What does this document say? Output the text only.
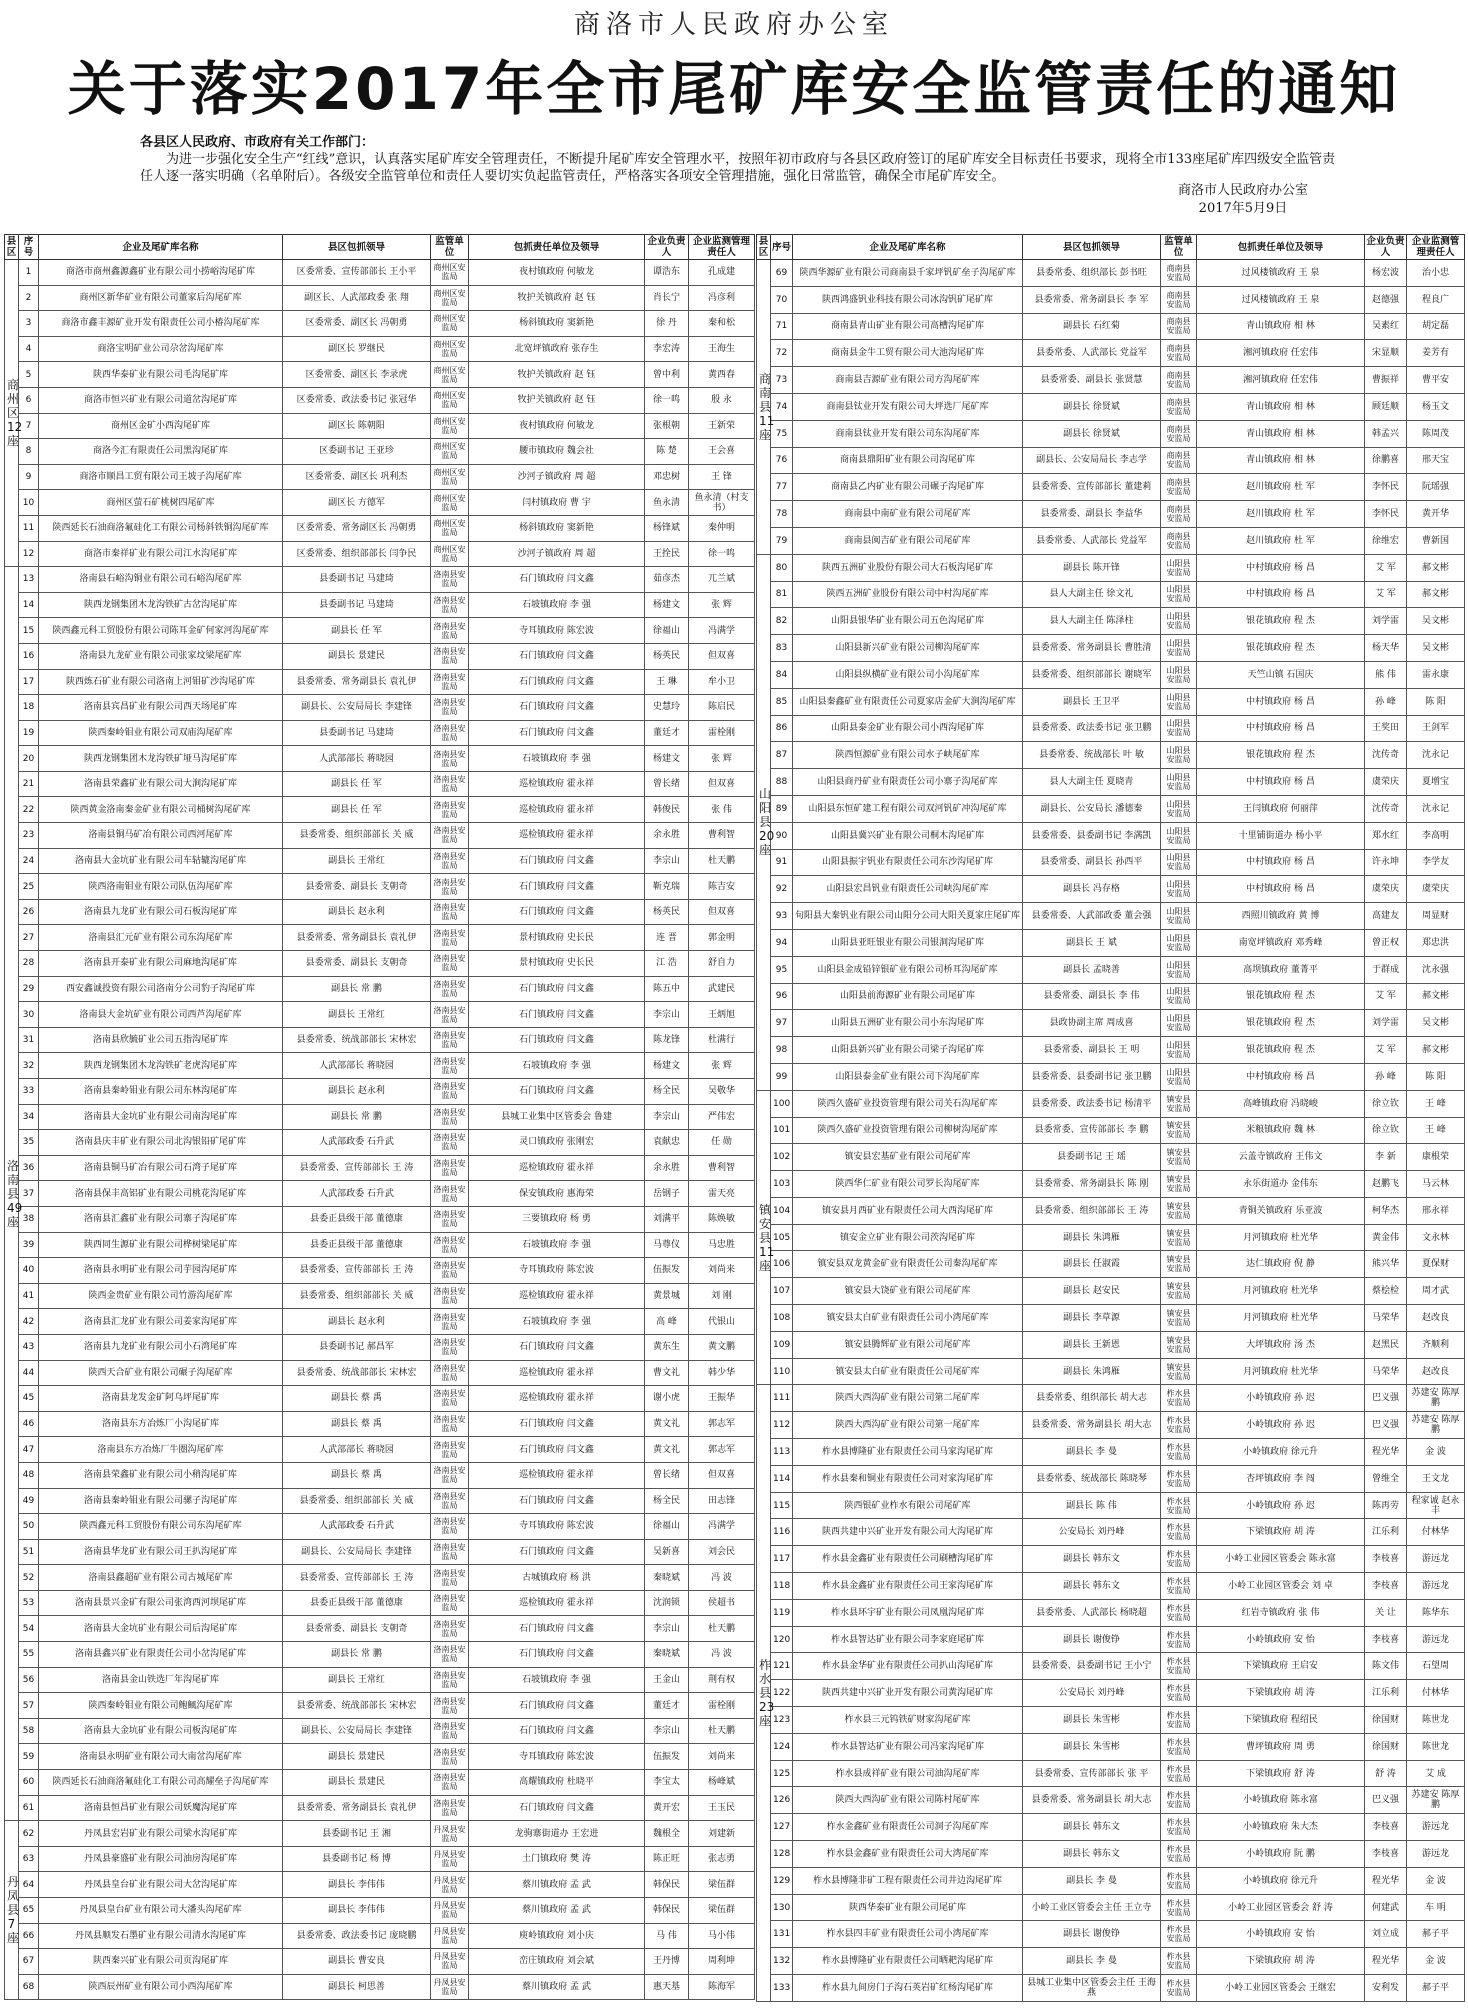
商洛市人民政府办公室
关于落实2017年全市尾矿库安全监管责任的通知
各县区人民政府、市政府有关工作部门：
为进一步强化安全生产“红线”意识，认真落实尾矿库安全管理责任，不断提升尾矿库安全管理水平，按照年初市政府与各县区政府签订的尾矿库安全目标责任书要求，现将全市133座尾矿库四级安全监管责任人逐一落实明确（名单附后）。各级安全监管单位和责任人要切实负起监管责任，严格落实各项安全管理措施，强化日常监管，确保全市尾矿库安全。
商洛市人民政府办公室
2017年5月9日
县区	序号	企业及尾矿库名称	县区包抓领导	监管单位	包抓责任单位及领导	企业负责人	企业监测管理责任人
商州区12座	1	商洛市商州鑫源鑫矿业有限公司小捞峪沟尾矿库	区委常委、宣传部部长 王小平	商州区安监局	夜村镇政府 何敏龙	谭浩东	孔成建
	2	商州区新华矿业有限公司董家后沟尾矿库	副区长、人武部政委 张 翔	商州区安监局	牧护关镇政府 赵 钰	肖长宁	冯彦利
	3	商洛市鑫丰源矿业开发有限责任公司小椿沟尾矿库	区委常委、副区长 冯朝勇	商州区安监局	杨斜镇政府 窦新艳	徐 丹	秦和松
	4	商洛宝明矿业公司尕岔沟尾矿库	副区长 罗继民	商州区安监局	北宽坪镇政府 张存生	李宏涛	王海生
	5	陕西华泰矿业有限公司毛沟尾矿库	区委常委、副区长 李录虎	商州区安监局	牧护关镇政府 赵 钰	曾中利	黄西春
	6	商洛市恒兴矿业有限公司道岔沟尾矿库	区委常委、政法委书记 张冠华	商州区安监局	牧护关镇政府 赵 钰	徐一鸣	殷 永
	7	商州区金矿小西沟尾矿库	副区长 陈朝阳	商州区安监局	夜村镇政府 何敏龙	张根朝	王新荣
	8	商洛今汇有限责任公司黑沟尾矿库	区委副书记 王亚珍	商州区安监局	腰市镇政府 魏会社	陈 楚	王会喜
	9	商洛市顺昌工贸有限公司王坡子沟尾矿库	区委常委、副区长 巩利杰	商州区安监局	沙河子镇政府 周 超	邓忠树	王 锋
	10	商州区萤石矿桃树四尾矿库	副区长 方德军	商州区安监局	闫村镇政府 曹 宇	鱼永清	鱼永清（村支书）
	11	陕西延长石油商洛氟硅化工有限公司杨斜铁铜沟尾矿库	区委常委、常务副区长 冯朝勇	商州区安监局	杨斜镇政府 窦新艳	杨锋斌	秦仲明
	12	商洛市秦祥矿业有限公司江水沟尾矿库	区委常委、组织部部长 闫争民	商州区安监局	沙河子镇政府 周 超	王拴民	徐一鸣
洛南县49座	13	洛南县石峪沟铜业有限公司石峪沟尾矿库	县委副书记 马建琦	洛南县安监局	石门镇政府 闫文鑫	茹彦杰	兀兰斌
	14	陕西龙钢集团木龙沟铁矿古岔沟尾矿库	县委副书记 马建琦	洛南县安监局	石坡镇政府 李 强	杨建文	张 辉
	15	陕西鑫元科工贸股份有限公司陈耳金矿何家河沟尾矿库	副县长 任 军	洛南县安监局	寺耳镇政府 陈宏波	徐福山	冯满学
	16	洛南县九龙矿业有限公司张家坟梁尾矿库	副县长 景建民	洛南县安监局	石门镇政府 闫文鑫	杨英民	但双喜
	17	陕西炼石矿业有限公司洛南上河钼矿沙沟尾矿库	县委常委、常务副县长 袁礼伊	洛南县安监局	石门镇政府 闫文鑫	王 琳	牟小卫
	18	洛南县宾昌矿业有限公司西天场尾矿库	副县长、公安局局长 李建锋	洛南县安监局	石门镇政府 闫文鑫	史慧玲	陈启民
	19	陕西秦岭钼业有限公司双庙沟尾矿库	县委副书记 马建琦	洛南县安监局	石门镇政府 闫文鑫	董廷才	雷栓刚
	20	陕西龙钢集团木龙沟铁矿垭马沟尾矿库	人武部部长 蒋晓园	洛南县安监局	石坡镇政府 李 强	杨建文	张 辉
	21	洛南县荣鑫矿业有限公司大涧沟尾矿库	副县长 任 军	洛南县安监局	巡检镇政府 霍永祥	曾长绪	但双喜
	22	陕西黄金洛南秦金矿业有限公司桶树沟尾矿库	副县长 任 军	洛南县安监局	巡检镇政府 霍永祥	韩俊民	张 伟
	23	洛南县铜马矿冶有限公司西河尾矿库	县委常委、组织部部长 关 威	洛南县安监局	巡检镇政府 霍永祥	余永胜	曹利智
	24	洛南县大金坑矿业有限公司车轱辘沟尾矿库	副县长 王常红	洛南县安监局	石门镇政府 闫文鑫	李宗山	杜天鹏
	25	陕西洛南钼业有限公司队伍沟尾矿库	县委常委、副县长 支朝奇	洛南县安监局	石门镇政府 闫文鑫	靳克瑞	陈吉安
	26	洛南县九龙矿业有限公司石板沟尾矿库	副县长 赵永利	洛南县安监局	石门镇政府 闫文鑫	杨英民	但双喜
	27	洛南县汇元矿业有限公司东沟尾矿库	县委常委、常务副县长 袁礼伊	洛南县安监局	景村镇政府 史长民	连 晋	郭金明
	28	洛南县开泰矿业有限公司麻地沟尾矿库	县委常委、副县长 支朝奇	洛南县安监局	景村镇政府 史长民	江 浩	舒自力
	29	西安鑫诚投资有限公司洛南分公司豹子沟尾矿库	副县长 常 鹏	洛南县安监局	石门镇政府 闫文鑫	陈五中	武建民
	30	洛南县大金坑矿业有限公司西芦沟尾矿库	副县长 王常红	洛南县安监局	石门镇政府 闫文鑫	李宗山	王炳旭
	31	洛南县欣毓矿业公司五指沟尾矿库	县委常委、统战部部长 宋林宏	洛南县安监局	石门镇政府 闫文鑫	陈龙锋	杜满行
	32	陕西龙钢集团木龙沟铁矿老虎沟尾矿库	人武部部长 蒋晓园	洛南县安监局	石坡镇政府 李 强	杨建文	张 辉
	33	洛南县秦岭钼业有限公司东林沟尾矿库	副县长 赵永利	洛南县安监局	石门镇政府 闫文鑫	杨全民	吴敬华
	34	洛南县大金坑矿业有限公司南沟尾矿库	副县长 常 鹏	洛南县安监局	县城工业集中区管委会 鲁建	李宗山	严伟宏
	35	洛南县庆丰矿业有限公司北沟银铅矿尾矿库	人武部政委 石升武	洛南县安监局	灵口镇政府 张刚宏	袁献忠	任 勋
	36	洛南县铜马矿冶有限公司石湾子尾矿库	县委常委、宣传部部长 王 涛	洛南县安监局	巡检镇政府 霍永祥	余永胜	曹利智
	37	洛南县保丰高铝矿业有限公司桃花沟尾矿库	人武部政委 石升武	洛南县安监局	保安镇政府 惠海荣	岳钢子	雷天亮
	38	洛南县汇鑫矿业有限公司寨子沟尾矿库	县委正县级干部 董德康	洛南县安监局	三要镇政府 杨 勇	刘满平	陈焕敏
	39	陕西同生源矿业有限公司桦树梁尾矿库	县委正县级干部 董德康	洛南县安监局	石坡镇政府 李 强	马尊仪	马忠胜
	40	洛南县永明矿业有限公司芋园沟尾矿库	县委常委、宣传部部长 王 涛	洛南县安监局	寺耳镇政府 陈宏波	伍振发	刘尚来
	41	陕西金贵矿业有限公司竹游沟尾矿库	县委常委、组织部部长 关 威	洛南县安监局	巡检镇政府 霍永祥	黄景城	刘 刚
	42	洛南县汇龙矿业有限公司姜家沟尾矿库	副县长 赵永利	洛南县安监局	石坡镇政府 李 强	高 峰	代银山
	43	洛南县九龙矿业有限公司小石湾尾矿库	县委副书记 郝昌军	洛南县安监局	石门镇政府 闫文鑫	黄东生	黄文鹏
	44	陕西天合矿业有限公司碾子沟尾矿库	县委常委、统战部部长 宋林宏	洛南县安监局	巡检镇政府 霍永祥	曹文礼	韩少华
	45	洛南县龙发金矿阿乌坪尾矿库	副县长 蔡 禹	洛南县安监局	巡检镇政府 霍永祥	谢小虎	王振华
	46	洛南县东方冶炼厂小沟尾矿库	副县长 蔡 禹	洛南县安监局	石门镇政府 闫文鑫	黄文礼	郭志军
	47	洛南县东方冶炼厂牛圈沟尾矿库	人武部部长 蒋晓园	洛南县安监局	石门镇政府 闫文鑫	黄文礼	郭志军
	48	洛南县荣鑫矿业有限公司小稍沟尾矿库	副县长 蔡 禹	洛南县安监局	巡检镇政府 霍永祥	曾长绪	但双喜
	49	洛南县秦岭钼业有限公司骡子沟尾矿库	县委常委、组织部部长 关 威	洛南县安监局	石门镇政府 闫文鑫	杨全民	田志锋
	50	陕西鑫元科工贸股份有限公司东沟尾矿库	人武部政委 石升武	洛南县安监局	寺耳镇政府 陈宏波	徐福山	冯满学
	51	洛南县华龙矿业有限公司王扒沟尾矿库	副县长、公安局局长 李建锋	洛南县安监局	石门镇政府 闫文鑫	吴新喜	刘会民
	52	洛南县鑫超矿业有限公司古城尾矿库	县委常委、宣传部部长 王 涛	洛南县安监局	古城镇政府 杨 洪	秦晓斌	冯 波
	53	洛南县景兴金矿有限公司张湾西河坝尾矿库	县委正县级干部 董德康	洛南县安监局	巡检镇政府 霍永祥	沈润锁	侯超书
	54	洛南县大金坑矿业有限公司后沟尾矿库	县委常委、副县长 支朝奇	洛南县安监局	石门镇政府 闫文鑫	李宗山	杜天鹏
	55	洛南县鑫兴矿业有限责任公司小岔沟尾矿库	副县长 常 鹏	洛南县安监局	石门镇政府 闫文鑫	秦晓斌	冯 波
	56	洛南县金山铁选厂年沟尾矿库	副县长 王常红	洛南县安监局	石坡镇政府 李 强	王金山	荆有权
	57	陕西秦岭钼业有限公司鲍鲺沟尾矿库	县委常委、统战部部长 宋林宏	洛南县安监局	石门镇政府 闫文鑫	董廷才	雷栓刚
	58	洛南县大金坑矿业有限公司板沟尾矿库	副县长、公安局局长 李建锋	洛南县安监局	石门镇政府 闫文鑫	李宗山	杜天鹏
	59	洛南县永明矿业有限公司大南岔沟尾矿库	副县长 景建民	洛南县安监局	寺耳镇政府 陈宏波	伍振发	刘尚来
	60	陕西延长石油商洛氟硅化工有限公司高耀垒子沟尾矿库	副县长 景建民	洛南县安监局	高耀镇政府 杜晓平	李宝太	杨峰斌
	61	洛南县恒昌矿业有限公司妖魔沟尾矿库	县委常委、常务副县长 袁礼伊	洛南县安监局	石门镇政府 闫文鑫	黄开宏	王玉民
丹凤县7座	62	丹凤县宏岩矿业有限公司梁水沟尾矿库	县委副书记 王 湘	丹凤县安监局	龙驹寨街道办 王宏进	魏根全	刘建新
	63	丹凤县豪盛矿业有限公司油房沟尾矿库	县委副书记 杨 博	丹凤县安监局	土门镇政府 樊 涛	陈正旺	张志勇
	64	丹凤县皇台矿业有限公司大岔沟尾矿库	副县长 李伟伟	丹凤县安监局	蔡川镇政府 孟 武	韩保民	梁伍群
	65	丹凤县皇台矿业有限公司大潘头沟尾矿库	副县长 李伟伟	丹凤县安监局	蔡川镇政府 孟 武	韩保民	梁伍群
	66	丹凤县顺发石墨矿业有限公司清水沟尾矿库	县委常委、政法委书记 庞晓鹏	丹凤县安监局	庾岭镇政府 刘小庆	马 伟	马小伟
	67	陕西秦兴矿业有限公司页沟尾矿库	副县长 曹安良	丹凤县安监局	峦庄镇政府 刘会斌	王丹博	周利坤
	68	陕西辰州矿业有限公司小西沟尾矿库	副县长 柯思善	丹凤县安监局	蔡川镇政府 孟 武	惠天基	陈海军
县区	序号	企业及尾矿库名称	县区包抓领导	监管单位	包抓责任单位及领导	企业负责人	企业监测管理责任人
商南县11座	69	陕西华源矿业有限公司商南县千家坪钒矿垒子沟尾矿库	县委常委、组织部长 彭书旺	商南县安监局	过风楼镇政府 王 泉	杨宏波	治小忠
	70	陕西鸿盛钒业科技有限公司冰沟钒矿尾矿库	县委常委、常务副县长 李 军	商南县安监局	过风楼镇政府 王 泉	赵德强	程良广
	71	商南县青山矿业有限公司高槽沟尾矿库	副县长 石红菊	商南县安监局	青山镇政府 相 林	吴素红	胡定磊
	72	商南县金牛工贸有限公司大池沟尾矿库	县委常委、人武部长 党益军	商南县安监局	湘河镇政府 任宏伟	宋显顺	姜芳有
	73	商南县吉源矿业有限公司方沟尾矿库	县委常委、副县长 张贤慧	商南县安监局	湘河镇政府 任宏伟	曹振祥	曹平安
	74	商南县钛业开发有限公司大坪选厂尾矿库	副县长 徐贤斌	商南县安监局	青山镇政府 相 林	顾廷顺	杨玉文
	75	商南县钛业开发有限公司东沟尾矿库	副县长 徐贤斌	商南县安监局	青山镇政府 相 林	韩孟兴	陈周茂
	76	商南县鼎阳矿业有限公司沟尾矿库	副县长、公安局局长 李志学	商南县安监局	青山镇政府 相 林	徐鹏喜	邢天宝
	77	商南县乙内矿业有限公司碾子沟尾矿库	县委常委、宣传部部长 董建莉	商南县安监局	赵川镇政府 杜 军	李怀民	阮瑶强
	78	商南县中南矿业有限公司尾矿库	县委常委、副县长 李益华	商南县安监局	赵川镇政府 杜 军	李怀民	黄开华
	79	商南县闽吉矿业有限公司尾矿库	县委常委、人武部长 党益军	商南县安监局	赵川镇政府 杜 军	徐维宏	曹新国
山阳县20座	80	陕西五洲矿业股份有限公司大石板沟尾矿库	副县长 陈开锋	山阳县安监局	中村镇政府 杨 昌	艾 军	郝文彬
	81	陕西五洲矿业股份有限公司中村沟尾矿库	县人大副主任 徐文礼	山阳县安监局	中村镇政府 杨 昌	艾 军	郝文彬
	82	山阳县银华矿业有限公司五色沟尾矿库	县人大副主任 陈泽柱	山阳县安监局	银花镇政府 程 杰	刘学雷	吴文彬
	83	山阳县新兴矿业有限公司柳沟尾矿库	县委常委、常务副县长 曹胜清	山阳县安监局	银花镇政府 程 杰	杨天华	吴文彬
	84	山阳县纵横矿业有限公司小沟尾矿库	县委常委、组织部部长 谢晓军	山阳县安监局	天竺山镇 石国庆	熊 伟	雷永康
	85	山阳县秦鑫矿业有限责任公司夏家店金矿大涧沟尾矿库	副县长 王卫平	山阳县安监局	中村镇政府 杨 昌	孙 峰	陈 阳
	86	山阳县泰金矿业有限公司小西沟尾矿库	县委常委、政法委书记 张卫鹏	山阳县安监局	中村镇政府 杨 昌	王奖田	王剑军
	87	陕西恒源矿业有限公司水子峡尾矿库	县委常委、统战部长 叶 敏	山阳县安监局	银花镇政府 程 杰	沈传奇	沈永记
	88	山阳县商丹矿业有限责任公司小寨子沟尾矿库	县人大副主任 夏晓青	山阳县安监局	中村镇政府 杨 昌	虞荣庆	夏增宝
	89	山阳县东恒矿建工程有限公司双河钒矿冲沟尾矿库	副县长、公安局长 潘德秦	山阳县安监局	王闫镇政府 何丽萍	沈传奇	沈永记
	90	山阳县冀兴矿业有限公司桐木沟尾矿库	县委常委、县委副书记 李满凯	山阳县安监局	十里铺街道办 杨小平	郑水红	李高明
	91	山阳县振宇钒业有限责任公司东沙沟尾矿库	县委常委、副县长 孙西平	山阳县安监局	中村镇政府 杨 昌	许永坤	李学友
	92	山阳县宏昌钒业有限责任公司峡沟尾矿库	副县长 冯存格	山阳县安监局	中村镇政府 杨 昌	虞荣庆	虞荣庆
	93	旬阳县大秦钒业有限公司山阳分公司大阳关夏家庄尾矿库	县委常委、人武部政委 董会强	山阳县安监局	西照川镇政府 黄 博	高建友	周显财
	94	山阳县亚旺银业有限公司银洞沟尾矿库	副县长 王 斌	山阳县安监局	南宽坪镇政府 邓秀峰	曾正权	郑忠洪
	95	山阳县金成铅锌银矿业有限公司桥耳沟尾矿库	副县长 孟晓善	山阳县安监局	高坝镇政府 董菁平	于群成	沈永强
	96	山阳县前海源矿业有限公司尾矿库	县委常委、副县长 李 伟	山阳县安监局	银花镇政府 程 杰	艾 军	郝文彬
	97	山阳县五洲矿业有限公司小东沟尾矿库	县政协副主席 周成喜	山阳县安监局	银花镇政府 程 杰	刘学雷	吴文彬
	98	山阳县新兴矿业有限公司梁子沟尾矿库	县委常委、副县长 王 明	山阳县安监局	银花镇政府 程 杰	艾 军	郝文彬
	99	山阳县泰金矿业有限公司下沟尾矿库	县委常委、县委副书记 张卫鹏	山阳县安监局	中村镇政府 杨 昌	孙 峰	陈 阳
镇安县11座	100	陕西久盛矿业投资管理有限公司关石沟尾矿库	县委常委、政法委书记 杨清平	镇安县安监局	高峰镇政府 冯晓峻	徐立钦	王 峰
	101	陕西久盛矿业投资管理有限公司柳树沟尾矿库	县委常委、宣传部部长 李 鹏	镇安县安监局	米粮镇政府 魏 林	徐立钦	王 峰
	102	镇安县宏基矿业有限公司尾矿库	县委副书记 王 瑶	镇安县安监局	云盖寺镇政府 王伟文	李 新	康根荣
	103	陕西华仁矿业有限公司罗长沟尾矿库	县委常委、常务副县长 陈 刚	镇安县安监局	永乐街道办 金伟东	赵鹏飞	马云林
	104	镇安县月西矿业有限责任公司大西沟尾矿库	县委常委、组织部部长 王 涛	镇安县安监局	青铜关镇政府 乐亚波	柯华杰	邢永祥
	105	镇安金立矿业有限公司茨沟尾矿库	副县长 朱鸿雁	镇安县安监局	月河镇政府 杜光华	黄金伟	文永林
	106	镇安县双龙黄金矿业有限责任公司秦沟尾矿库	副县长 任淑霞	镇安县安监局	达仁镇政府 倪 静	熊兴华	夏保财
	107	镇安县大饶矿业有限公司尾矿库	副县长 赵安民	镇安县安监局	月河镇政府 杜光华	蔡桧检	周才武
	108	镇安县太白矿业有限责任公司小湾尾矿库	副县长 李草源	镇安县安监局	月河镇政府 杜光华	马荣华	赵改良
	109	镇安县腾辉矿业有限公司尾矿库	副县长 王新恩	镇安县安监局	大坪镇政府 汤 杰	赵黑民	齐顺利
	110	镇安县太白矿业有限责任公司尾矿库	副县长 朱鸿雁	镇安县安监局	月河镇政府 杜光华	马荣华	赵改良
柞水县23座	111	陕西大西沟矿业有限公司第二尾矿库	县委常委、组织部长 胡大志	柞水县安监局	小岭镇政府 孙 迟	巴义强	苏建安 陈厚鹏
	112	陕西大西沟矿业有限公司第一尾矿库	县委常委、常务副县长 胡大志	柞水县安监局	小岭镇政府 孙 迟	巴义强	苏建安 陈厚鹏
	113	柞水县博隆矿业有限责任公司马家沟尾矿库	副县长 李 曼	柞水县安监局	小岭镇政府 徐元升	程光华	金 波
	114	柞水县秦和铜业有限责任公司对家沟尾矿库	县委常委、统战部长 陈晓琴	柞水县安监局	杏坪镇政府 李 闯	曾维全	王文龙
	115	陕西银矿业柞水有限公司尾矿库	副县长 陈 伟	柞水县安监局	小岭镇政府 孙 迟	陈再劳	程家诚 赵永丰
	116	陕西共建中兴矿业开发有限公司大沟尾矿库	公安局长 刘丹峰	柞水县安监局	下梁镇政府 胡 涛	江乐利	付林华
	117	柞水县金鑫矿业有限责任公司刷槽沟尾矿库	副县长 韩东文	柞水县安监局	小岭工业园区管委会 陈永富	李枝喜	游远龙
	118	柞水县金鑫矿业有限责任公司王家沟尾矿库	副县长 韩东文	柞水县安监局	小岭工业园区管委会 刘 卓	李枝喜	游远龙
	119	柞水县环宇矿业有限公司凤凰沟尾矿库	县委常委、人武部长 杨晓超	柞水县安监局	红岩寺镇政府 张 伟	关 让	陈华东
	120	柞水县智达矿业有限公司李家庭尾矿库	副县长 谢俊铮	柞水县安监局	小岭镇政府 安 怡	李枝喜	游远龙
	121	柞水县金华矿业有限责任公司扒山沟尾矿库	县委常委、县委副书记 王小宁	柞水县安监局	下梁镇政府 王启安	陈文伟	石望周
	122	陕西共建中兴矿业开发有限公司黄沟尾矿库	公安局长 刘丹峰	柞水县安监局	下梁镇政府 胡 涛	江乐利	付林华
	123	柞水县三元钨铁矿财家沟尾矿库	副县长 朱雪彬	柞水县安监局	下梁镇政府 程绍民	徐国财	陈世龙
	124	柞水县智达矿业有限公司冯家沟尾矿库	副县长 朱雪彬	柞水县安监局	曹坪镇政府 周 勇	徐国财	陈世龙
	125	柞水县成祥矿业有限公司油沟尾矿库	县委常委、宣传部部长 张 平	柞水县安监局	下梁镇政府 舒 涛	舒 涛	艾 成
	126	陕西大西沟矿业有限公司陈村尾矿库	县委常委、常务副县长 胡大志	柞水县安监局	小岭镇政府 陈永富	巴义强	苏建安 陈厚鹏
	127	柞水金鑫矿业有限责任公司洞子沟尾矿库	副县长 韩东文	柞水县安监局	小岭镇政府 朱大杰	李枝喜	游远龙
	128	柞水县金鑫矿业有限责任公司大湾尾矿库	副县长 韩东文	柞水县安监局	小岭镇政府 阮 鹏	李枝喜	游远龙
	129	柞水县博隆非矿工程有限责任公司井边沟尾矿库	副县长 李 曼	柞水县安监局	小岭镇政府 徐元升	程光华	金 波
	130	陕西华泰矿业有限公司尾矿库	小岭工业区管委会主任 王立寺	柞水县安监局	小岭工业园区管委会 舒 涛	何建武	车 明
	131	柞水县四丰矿业有限责任公司小湾尾矿库	副县长 谢俊铮	柞水县安监局	小岭镇政府 安 怡	刘立成	郝子平
	132	柞水县博隆矿业有限责任公司晒耙沟尾矿库	副县长 李 曼	柞水县安监局	下梁镇政府 胡 涛	程光华	金 波
	133	柞水县九间房门子沟石英岩矿红杨沟尾矿库	县城工业集中区管委会主任 王海燕	柞水县安监局	小岭工业园区管委会 王继宏	安利发	郝子平
